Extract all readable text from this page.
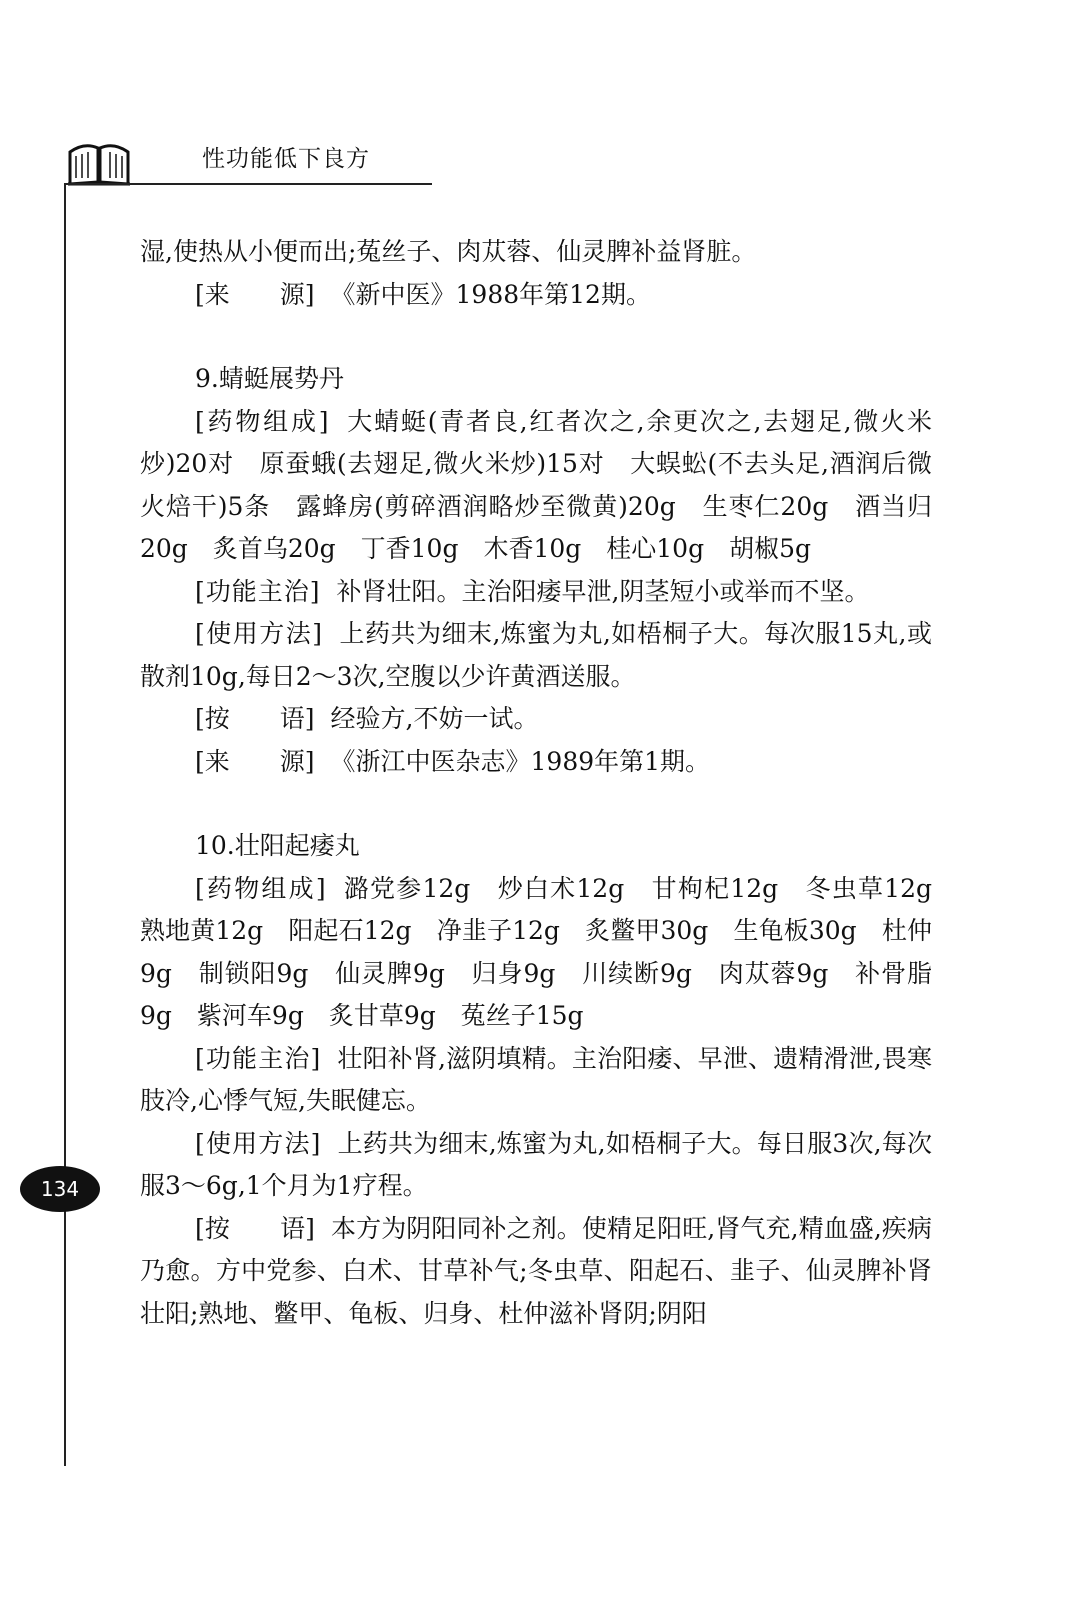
性功能低下良方
134

湿,使热从小便而出;菟丝子、肉苁蓉、仙灵脾补益肾脏。

[来　　源] 《新中医》1988年第12期。

9.蜻蜓展势丹

[药物组成] 大蜻蜓(青者良,红者次之,余更次之,去翅足,微火米炒)20对　原蚕蛾(去翅足,微火米炒)15对　大蜈蚣(不去头足,酒润后微火焙干)5条　露蜂房(剪碎酒润略炒至微黄)20g　生枣仁20g　酒当归20g　炙首乌20g　丁香10g　木香10g　桂心10g　胡椒5g

[功能主治] 补肾壮阳。主治阳痿早泄,阴茎短小或举而不坚。

[使用方法] 上药共为细末,炼蜜为丸,如梧桐子大。每次服15丸,或散剂10g,每日2～3次,空腹以少许黄酒送服。

[按　　语] 经验方,不妨一试。

[来　　源] 《浙江中医杂志》1989年第1期。

10.壮阳起痿丸

[药物组成] 潞党参12g　炒白术12g　甘枸杞12g　冬虫草12g　熟地黄12g　阳起石12g　净韭子12g　炙鳖甲30g　生龟板30g　杜仲9g　制锁阳9g　仙灵脾9g　归身9g　川续断9g　肉苁蓉9g　补骨脂9g　紫河车9g　炙甘草9g　菟丝子15g

[功能主治] 壮阳补肾,滋阴填精。主治阳痿、早泄、遗精滑泄,畏寒肢冷,心悸气短,失眠健忘。

[使用方法] 上药共为细末,炼蜜为丸,如梧桐子大。每日服3次,每次服3～6g,1个月为1疗程。

[按　　语] 本方为阴阳同补之剂。使精足阳旺,肾气充,精血盛,疾病乃愈。方中党参、白术、甘草补气;冬虫草、阳起石、韭子、仙灵脾补肾壮阳;熟地、鳖甲、龟板、归身、杜仲滋补肾阴;阴阳
